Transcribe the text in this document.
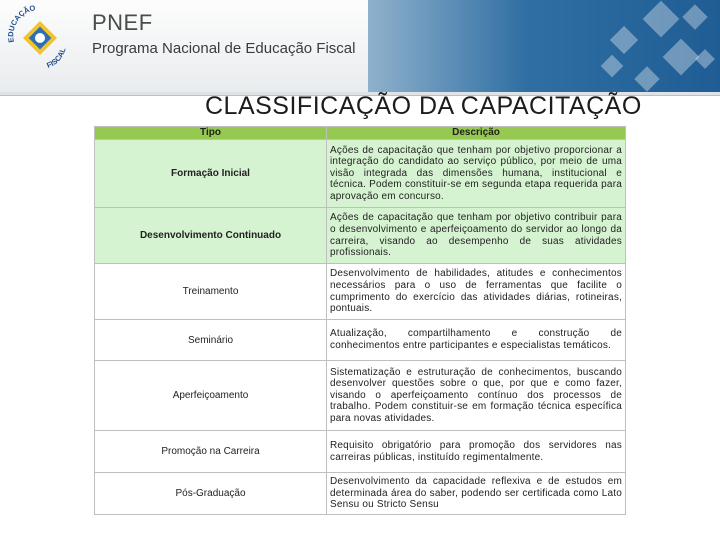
EDUCAÇÃO
FISCAL
PNEF
Programa Nacional de Educação Fiscal
CLASSIFICAÇÃO DA CAPACITAÇÃO
Tipo	Descrição
Formação Inicial	Ações de capacitação que tenham por objetivo proporcionar a integração do candidato ao serviço público, por meio de uma visão integrada das dimensões humana, institucional e técnica. Podem constituir-se em segunda etapa requerida para aprovação em concurso.
Desenvolvimento Continuado	Ações de capacitação que tenham por objetivo contribuir para o desenvolvimento e aperfeiçoamento do servidor ao longo da carreira, visando ao desempenho de suas atividades profissionais.
Treinamento	Desenvolvimento de habilidades, atitudes e conhecimentos necessários para o uso de ferramentas que facilite o cumprimento do exercício das atividades diárias, rotineiras, pontuais.
Seminário	Atualização, compartilhamento e construção de conhecimentos entre participantes e especialistas temáticos.
Aperfeiçoamento	Sistematização e estruturação de conhecimentos, buscando desenvolver questões sobre o que, por que e como fazer, visando o aperfeiçoamento contínuo dos processos de trabalho. Podem constituir-se em formação técnica específica para novas atividades.
Promoção na Carreira	Requisito obrigatório para promoção dos servidores nas carreiras públicas, instituído regimentalmente.
Pós-Graduação	Desenvolvimento da capacidade reflexiva e de estudos em determinada área do saber, podendo ser certificada como Lato Sensu ou Stricto Sensu
